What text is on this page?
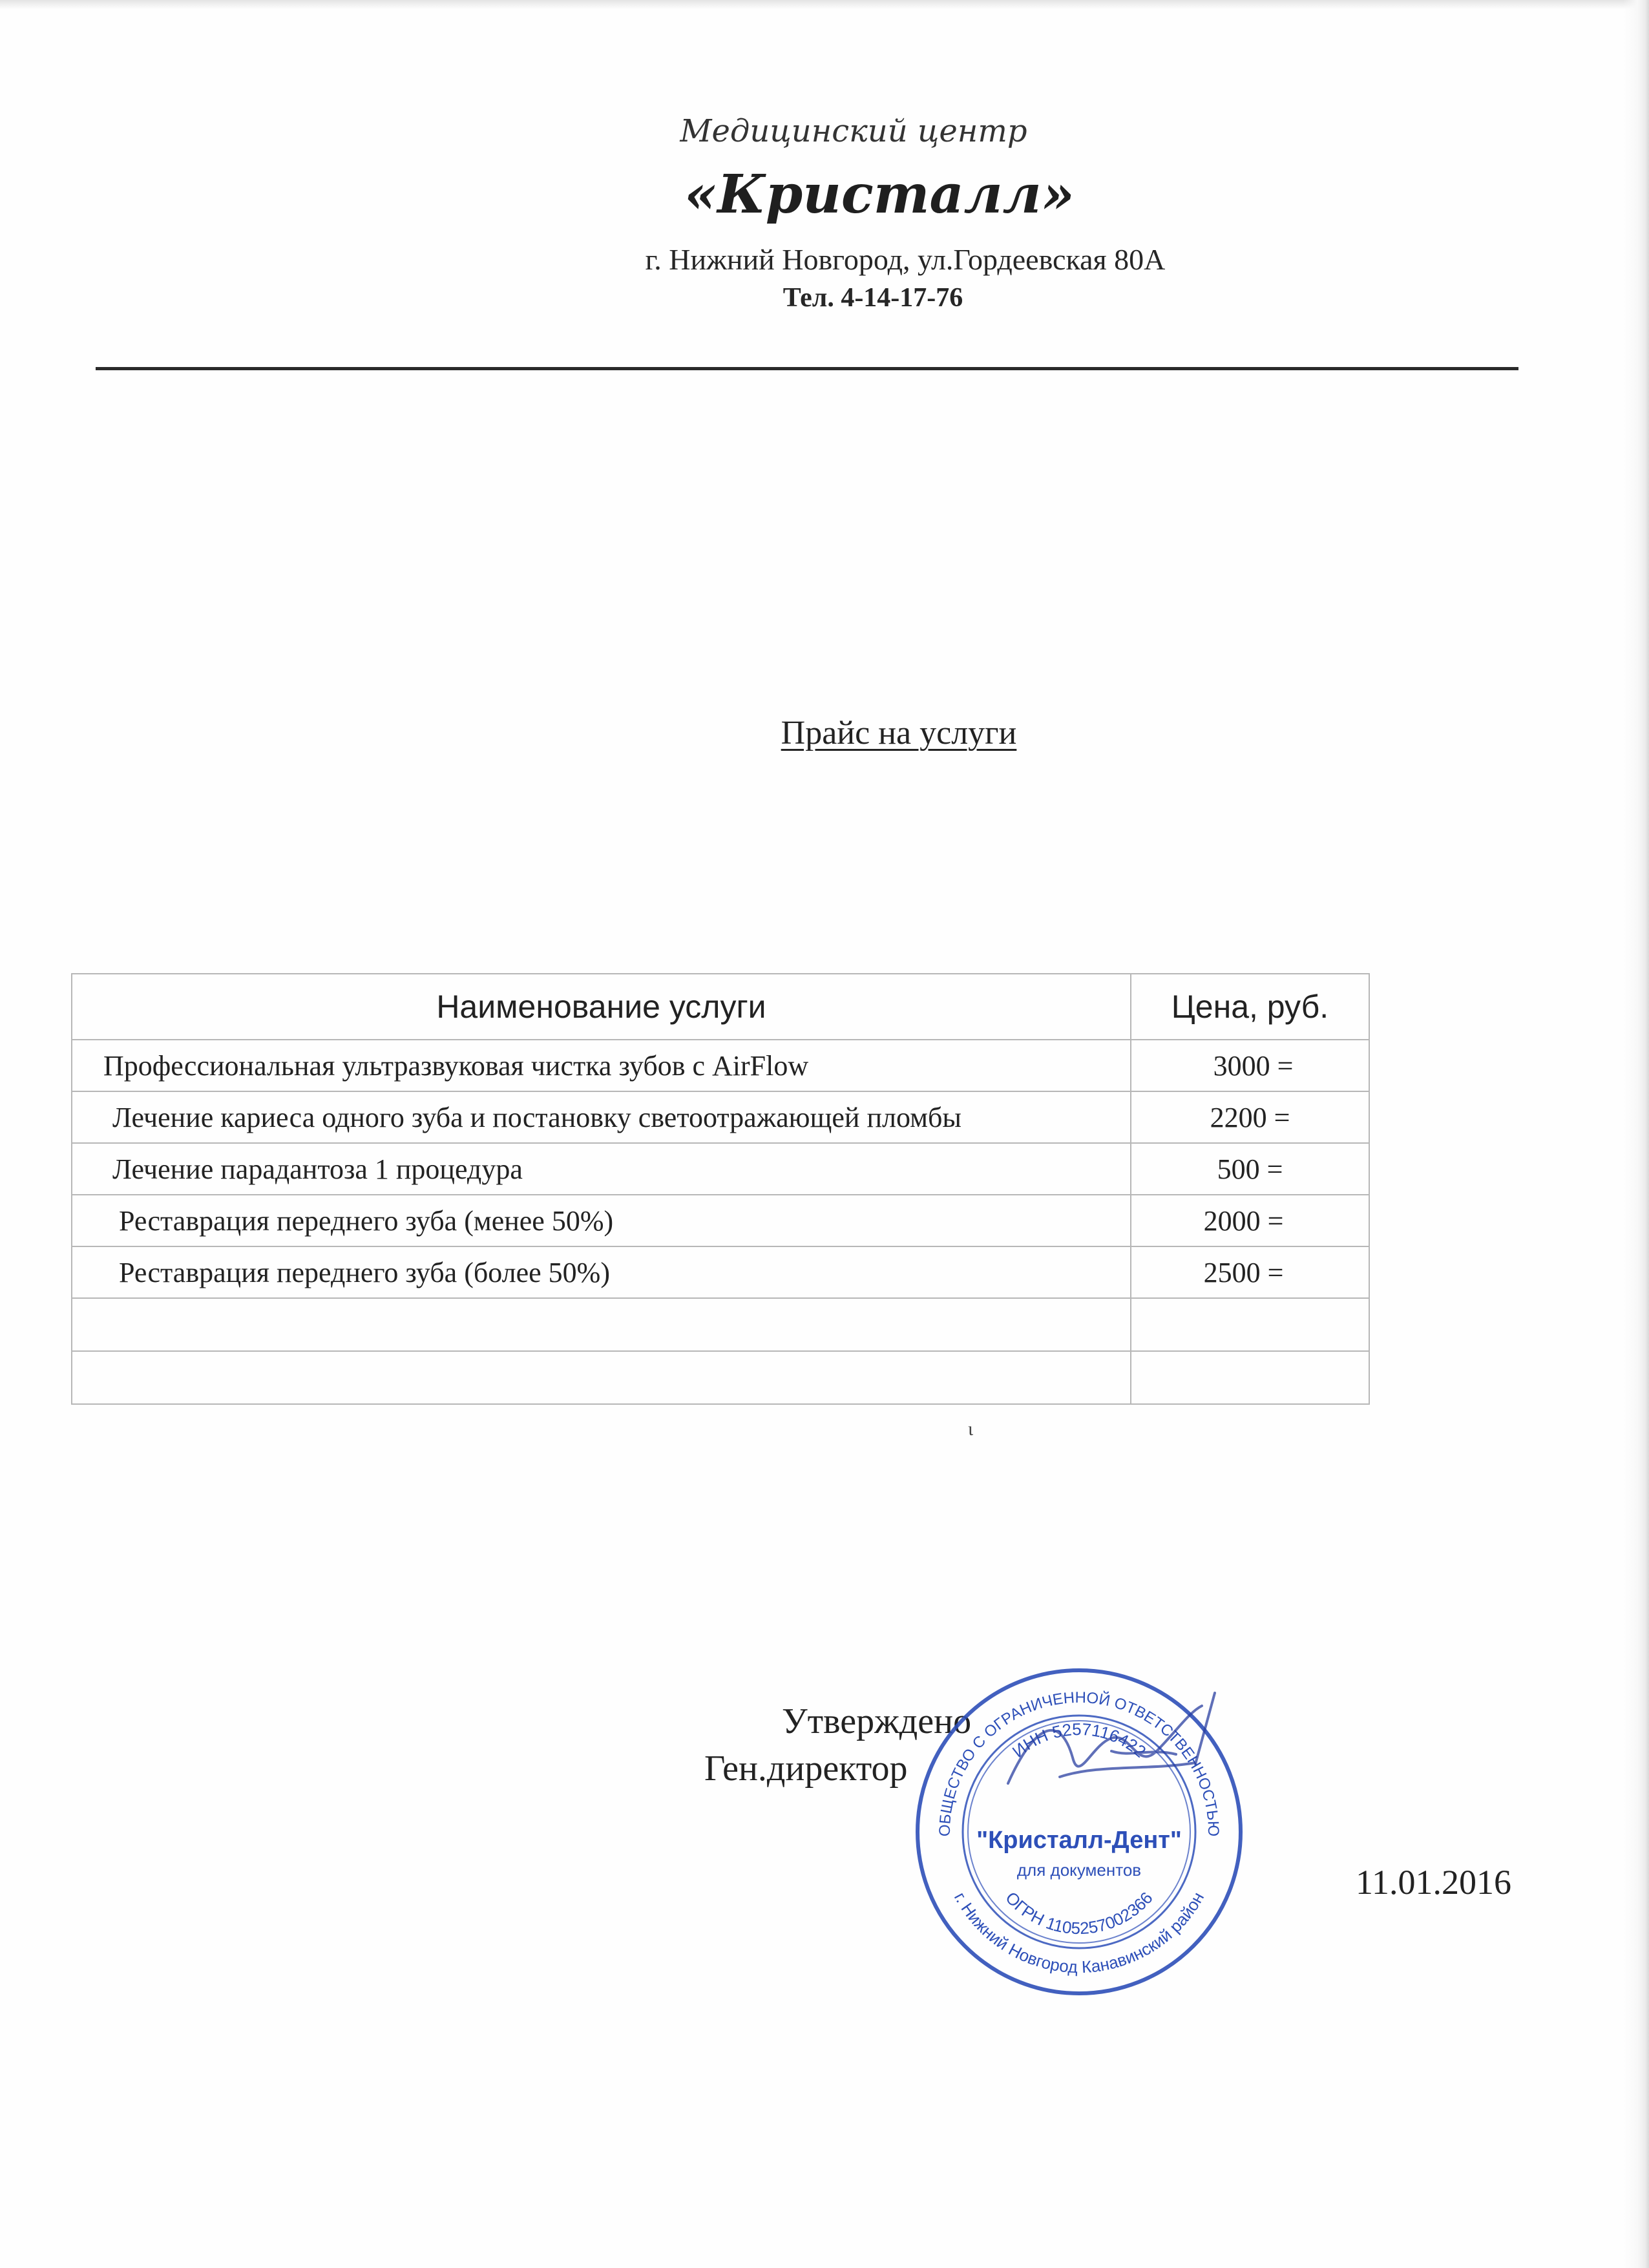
Медицинский центр
«Кристалл»
г. Нижний Новгород, ул.Гордеевская 80А
Тел. 4-14-17-76
Прайс на услуги
Наименование услуги	Цена, руб.
Профессиональная ультразвуковая чистка зубов с AirFlow	3000 =
Лечение кариеса одного зуба и постановку светоотражающей пломбы	2200 =
Лечение парадантоза 1 процедура	500 =
Реставрация переднего зуба (менее 50%)	2000 =
Реставрация переднего зуба (более 50%)	2500 =

ɩ
Утверждено
Ген.директор
11.01.2016
ОБЩЕСТВО С ОГРАНИЧЕННОЙ ОТВЕТСТВЕННОСТЬЮ
г. Нижний Новгород Канавинский район
ИНН 5257116422
ОГРН 1105257002366
"Кристалл-Дент"
для документов
